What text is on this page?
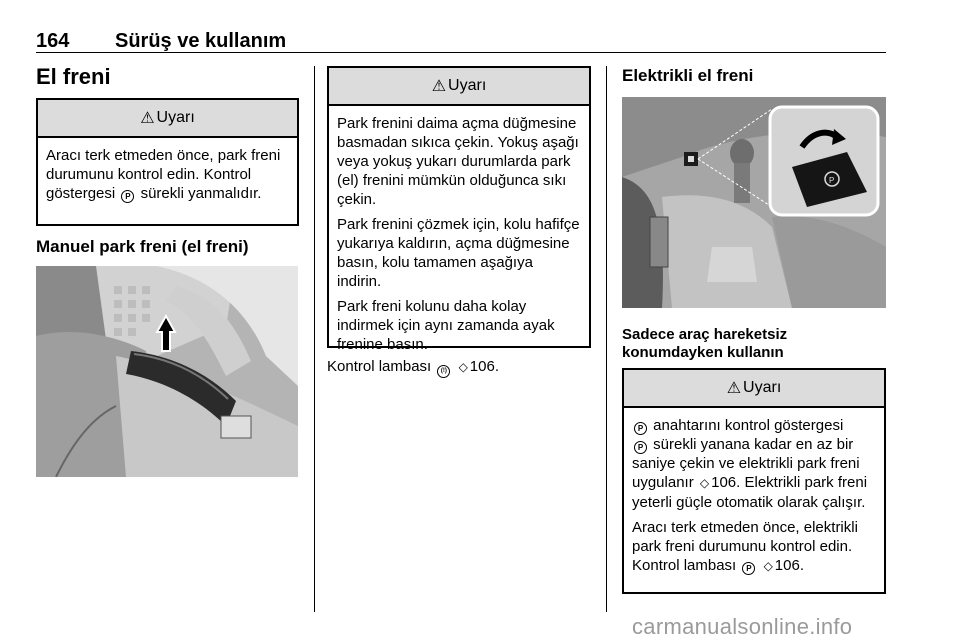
164 Sürüş ve kullanım
El freni
⚠ Uyarı
Aracı terk etmeden önce, park freni durumunu kontrol edin. Kontrol göstergesi P sürekli yanmalıdır.
Manuel park freni (el freni)
⚠ Uyarı

Park frenini daima açma düğmesine basmadan sıkıca çekin. Yokuş aşağı veya yokuş yukarı durumlarda park (el) frenini mümkün olduğunca sıkı çekin.

Park frenini çözmek için, kolu hafifçe yukarıya kaldırın, açma düğmesine basın, kolu tamamen aşağıya indirin.

Park freni kolunu daha kolay indirmek için aynı zamanda ayak frenine basın.

Kontrol lambası (!) ◇ 106.
Elektrikli el freni
P
Sadece araç hareketsiz
konumdayken kullanın
⚠ Uyarı

P anahtarını kontrol göstergesi
P sürekli yanana kadar en az bir saniye çekin ve elektrikli park freni uygulanır ◇ 106. Elektrikli park freni yeterli güçle otomatik olarak çalışır.

Aracı terk etmeden önce, elektrikli park freni durumunu kontrol edin. Kontrol lambası P ◇ 106.

carmanualsonline.info
